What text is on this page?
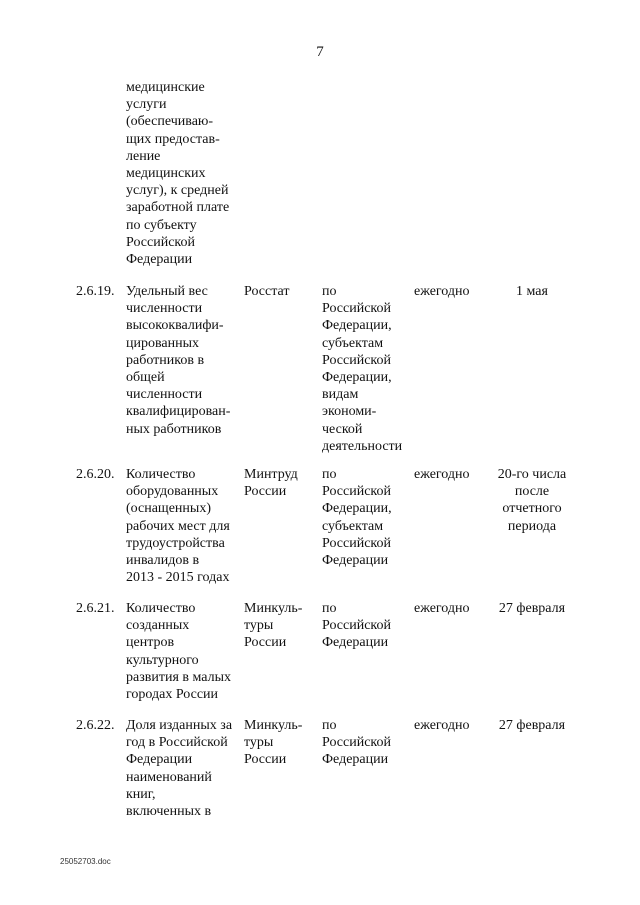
7
медицинские
услуги
(обеспечиваю-
щих предостав-
ление
медицинских
услуг), к средней
заработной плате
по субъекту
Российской
Федерации
2.6.19. Удельный вес
численности
высококвалифи-
цированных
работников в
общей
численности
квалифицирован-
ных работников
Росстат по
Российской
Федерации,
субъектам
Российской
Федерации,
видам
экономи-
ческой
деятельности
1 мая
ежегодно
2.6.20. Количество
оборудованных
(оснащенных)
рабочих мест для
трудоустройства
инвалидов в
2013 - 2015 годах
Минтруд
России
по
Российской
Федерации,
субъектам
Российской
Федерации
20-го числа
после
отчетного
периода
ежегодно
2.6.21. Количество
созданных
центров
культурного
развития в малых
городах России
Минкуль-
туры
России
по
Российской
Федерации
27 февраля
ежегодно
2.6.22. Доля изданных за
год в Российской
Федерации
наименований
книг,
включенных в
Минкуль-
туры
России
по
Российской
Федерации
27 февраля
ежегодно
25052703.doc
